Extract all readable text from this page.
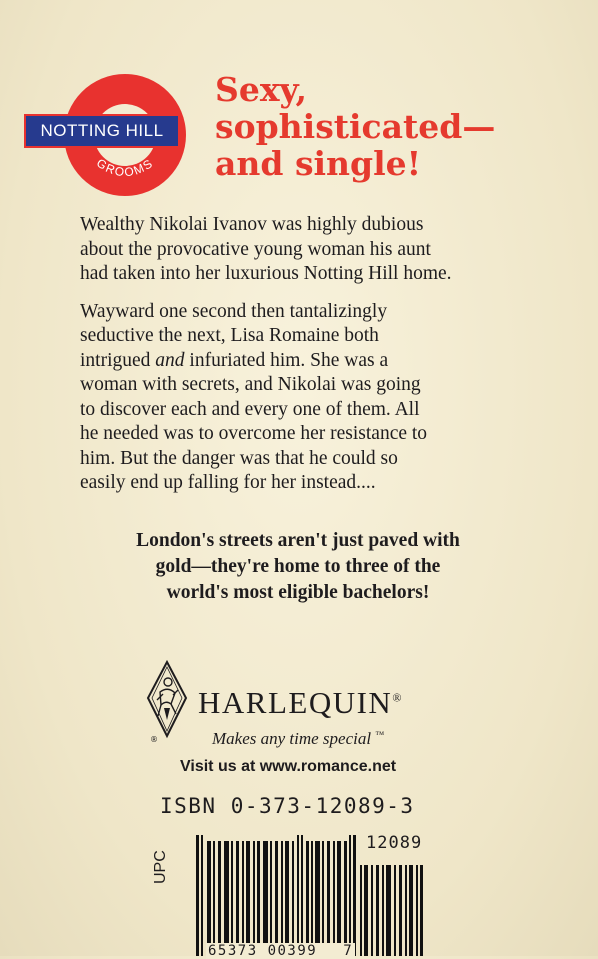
NOTTING HILL
GROOMS
Sexy,
sophisticated—
and single!

Wealthy Nikolai Ivanov was highly dubious
about the provocative young woman his aunt
had taken into her luxurious Notting Hill home.

Wayward one second then tantalizingly
seductive the next, Lisa Romaine both
intrigued and infuriated him. She was a
woman with secrets, and Nikolai was going
to discover each and every one of them. All
he needed was to overcome her resistance to
him. But the danger was that he could so
easily end up falling for her instead....

London's streets aren't just paved with
gold—they're home to three of the
world's most eligible bachelors!
®
HARLEQUIN®
Makes any time special ™
Visit us at www.romance.net
ISBN 0-373-12089-3
UPC
12089
65373 00399 7
